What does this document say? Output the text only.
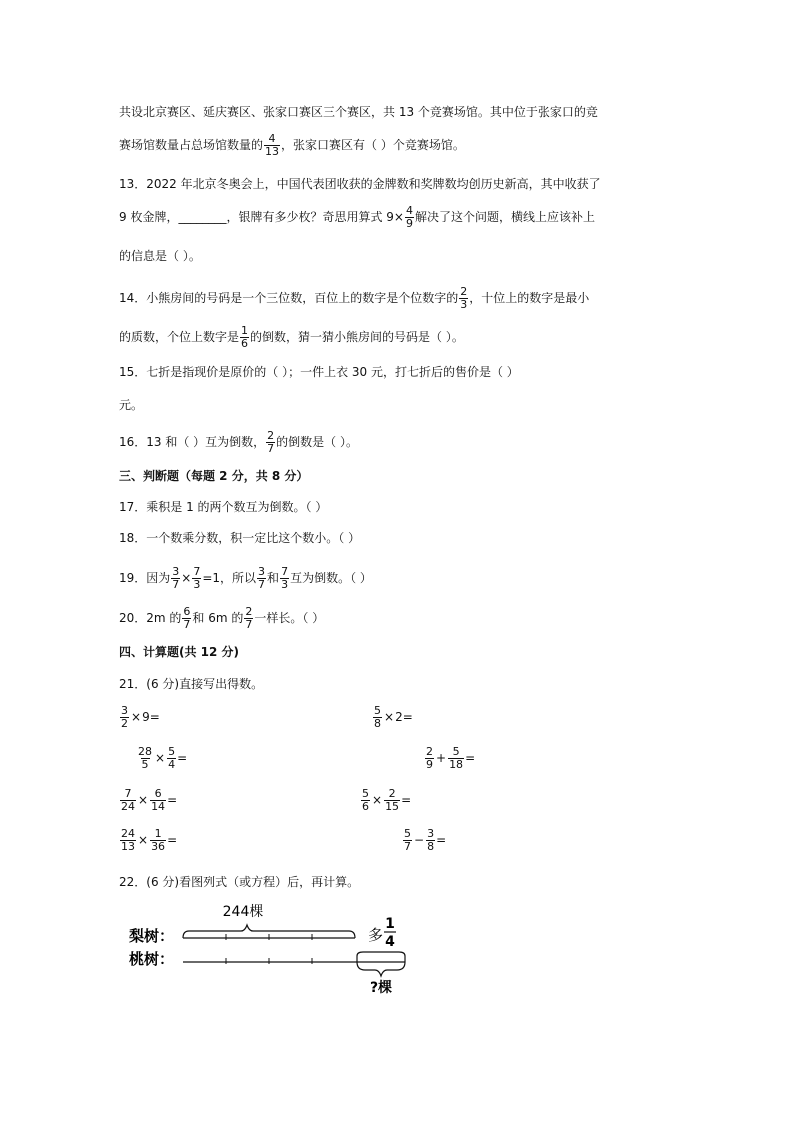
共设北京赛区、延庆赛区、张家口赛区三个赛区，共 13 个竞赛场馆。其中位于张家口的竞
赛场馆数量占总场馆数量的 $\frac{4}{13}$ ，张家口赛区有（ ）个竞赛场馆。
13．2022 年北京冬奥会上，中国代表团收获的金牌数和奖牌数均创历史新高，其中收获了
9 枚金牌，________，银牌有多少枚？奇思用算式 $9\times \frac{4}{9}$ 解决了这个问题，横线上应该补上
的信息是（ ）。
14．小熊房间的号码是一个三位数，百位上的数字是个位数字的 $\frac{2}{3}$ ，十位上的数字是最小
的质数，个位上数字是 $\frac{1}{6}$ 的倒数，猜一猜小熊房间的号码是（ ）。
15．七折是指现价是原价的（ ）；一件上衣 30 元，打七折后的售价是（ ）
元。
16．13 和（ ）互为倒数， $\frac{2}{7}$ 的倒数是（ ）。
三、判断题（每题 2 分，共 8 分）
17．乘积是 1 的两个数互为倒数。（ ）
18．一个数乘分数，积一定比这个数小。（ ）
19．因为 $\frac{3}{7} \times \frac{7}{3} =1$，所以 $\frac{3}{7}$ 和 $\frac{7}{3}$ 互为倒数。（ ）
20．2m 的 $\frac{6}{7}$ 和 6m 的 $\frac{2}{7}$ 一样长。（ ）
四、计算题(共 12 分)
21．(6 分)直接写出得数。
$\frac{3}{2} \times 9$ =	$\frac{5}{8} \times 2$ =
$\frac{28}{5} \times \frac{5}{4}$ =	$\frac{2}{9} + \frac{5}{18}$ =
$\frac{7}{24} \times \frac{6}{14}$ =	$\frac{5}{6} \times \frac{2}{15}$ =
$\frac{24}{13} \times \frac{1}{36}$ =	$\frac{5}{7} - \frac{3}{8}$ =
22．(6 分)看图列式（或方程）后，再计算。
244棵
梨树：	多
1
4
桃树：
?棵
